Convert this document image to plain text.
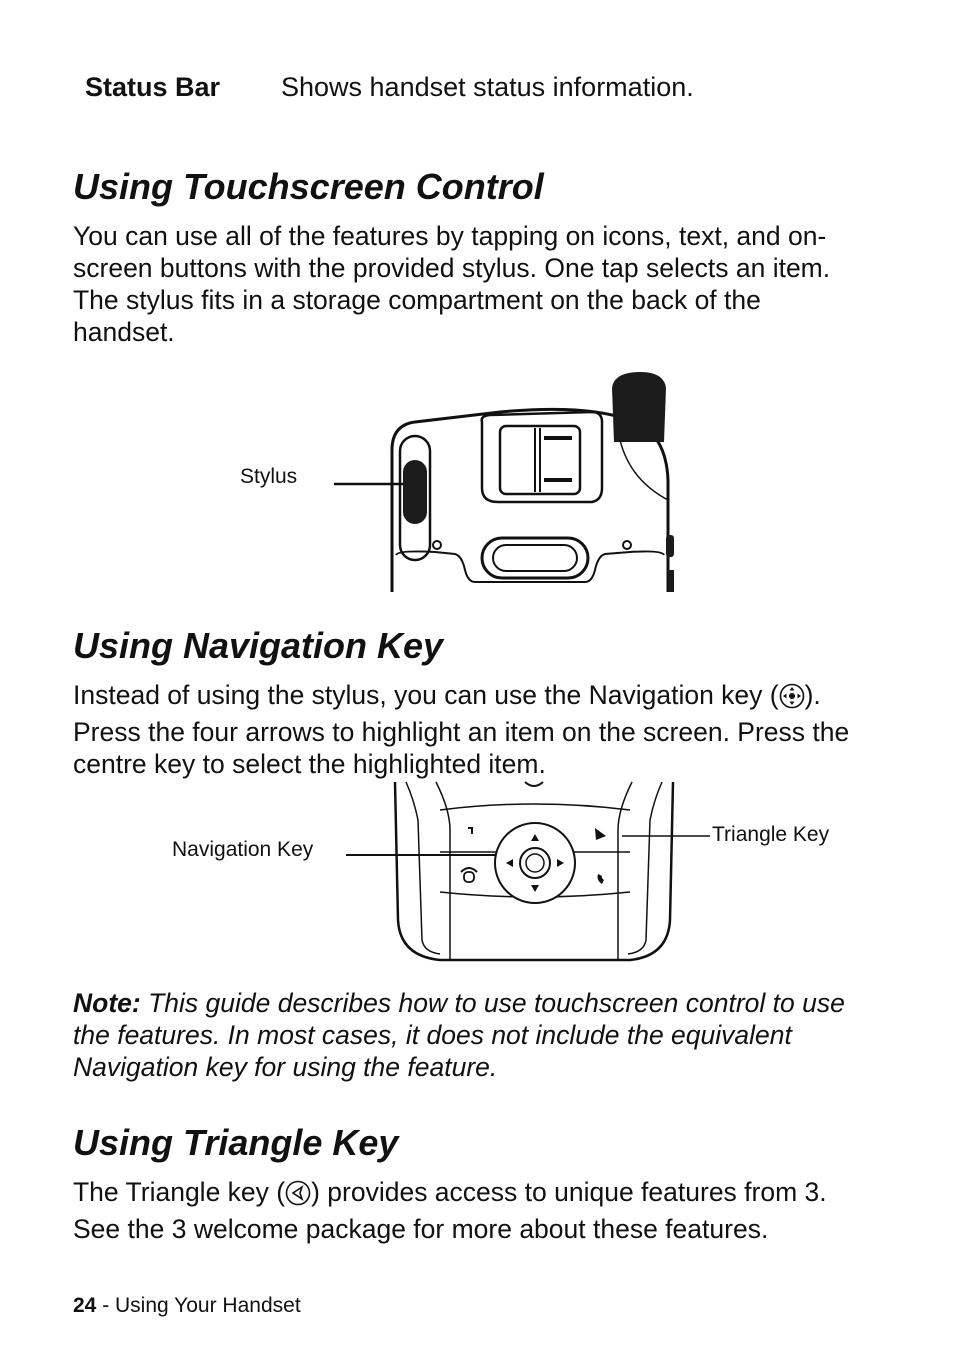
Status Bar Shows handset status information.
Using Touchscreen Control

You can use all of the features by tapping on icons, text, and on-

screen buttons with the provided stylus. One tap selects an item.

The stylus fits in a storage compartment on the back of the

handset.

Stylus
Using Navigation Key

Instead of using the stylus, you can use the Navigation key ( ).

Press the four arrows to highlight an item on the screen. Press the

centre key to select the highlighted item.

Navigation Key
Triangle Key

Note: This guide describes how to use touchscreen control to use

the features. In most cases, it does not include the equivalent

Navigation key for using the feature.

Using Triangle Key

The Triangle key ( ) provides access to unique features from 3.

See the 3 welcome package for more about these features.

24 - Using Your Handset
